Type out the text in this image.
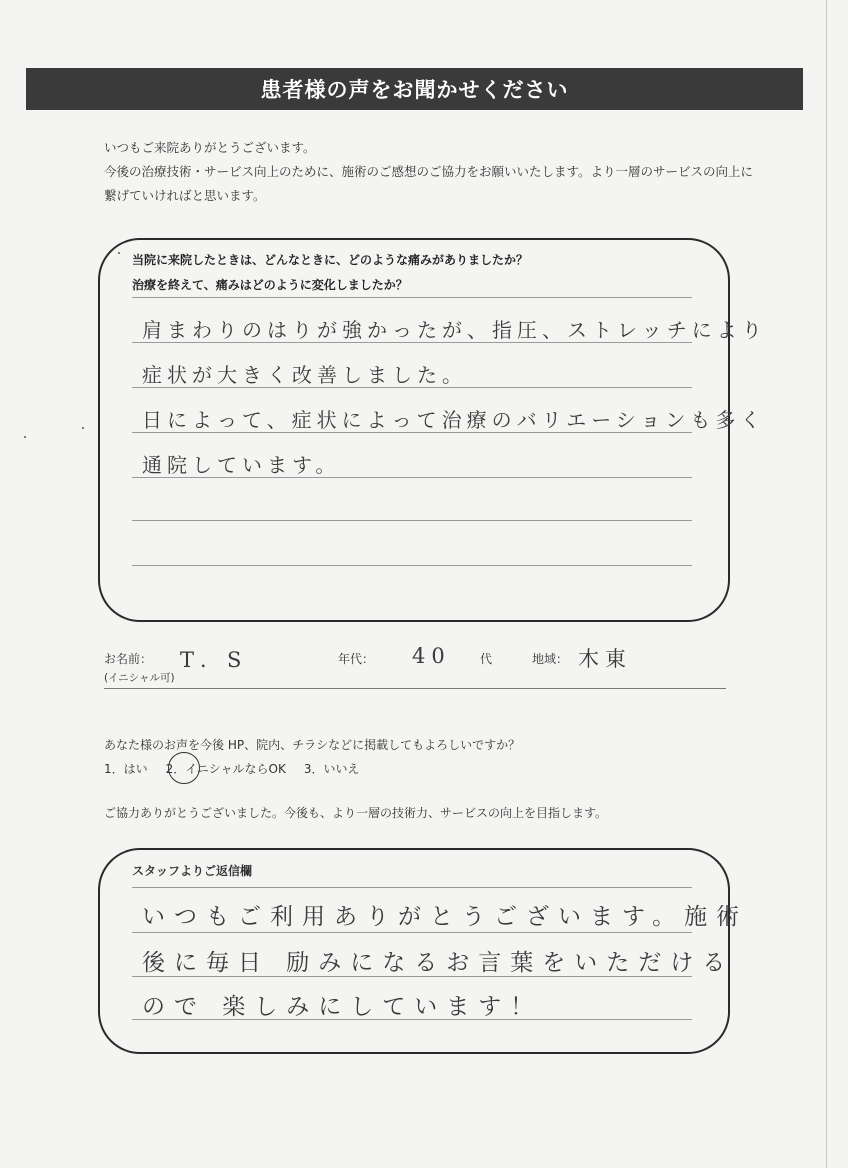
患者様の声をお聞かせください
いつもご来院ありがとうございます。
今後の治療技術・サービス向上のために、施術のご感想のご協力をお願いいたします。より一層のサービスの向上に
繋げていければと思います。
当院に来院したときは、どんなときに、どのような痛みがありましたか？
治療を終えて、痛みはどのように変化しましたか？
肩まわりのはりが強かったが、指圧、ストレッチにより
症状が大きく改善しました。
日によって、症状によって治療のバリエーションも多く
通院しています。
お名前：
(イニシャル可)
T．S	年代： 40 代	地域： 木東
あなた様のお声を今後 HP、院内、チラシなどに掲載してもよろしいですか？
1．はい 2．イニシャルならOK 3．いいえ
ご協力ありがとうございました。今後も、より一層の技術力、サービスの向上を目指します。
スタッフよりご返信欄
いつもご利用ありがとうございます。施術
後に毎日 励みになるお言葉をいただける
ので 楽しみにしています！
